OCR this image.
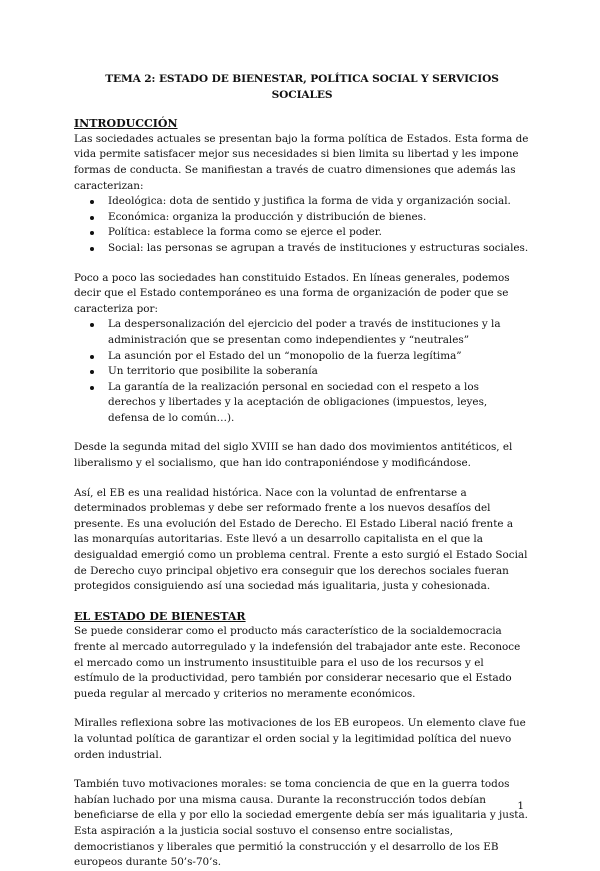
TEMA 2: ESTADO DE BIENESTAR, POLÍTICA SOCIAL Y SERVICIOS SOCIALES

INTRODUCCIÓN

Las sociedades actuales se presentan bajo la forma política de Estados. Esta forma de vida permite satisfacer mejor sus necesidades si bien limita su libertad y les impone formas de conducta. Se manifiestan a través de cuatro dimensiones que además las caracterizan:

Ideológica: dota de sentido y justifica la forma de vida y organización social.
Económica: organiza la producción y distribución de bienes.
Política: establece la forma como se ejerce el poder.
Social: las personas se agrupan a través de instituciones y estructuras sociales.

Poco a poco las sociedades han constituido Estados. En líneas generales, podemos decir que el Estado contemporáneo es una forma de organización de poder que se caracteriza por:

La despersonalización del ejercicio del poder a través de instituciones y la administración que se presentan como independientes y “neutrales”
La asunción por el Estado del un “monopolio de la fuerza legítima”
Un territorio que posibilite la soberanía
La garantía de la realización personal en sociedad con el respeto a los derechos y libertades y la aceptación de obligaciones (impuestos, leyes, defensa de lo común…).

Desde la segunda mitad del siglo XVIII se han dado dos movimientos antitéticos, el liberalismo y el socialismo, que han ido contraponiéndose y modificándose.

Así, el EB es una realidad histórica. Nace con la voluntad de enfrentarse a determinados problemas y debe ser reformado frente a los nuevos desafíos del presente. Es una evolución del Estado de Derecho. El Estado Liberal nació frente a las monarquías autoritarias. Este llevó a un desarrollo capitalista en el que la desigualdad emergió como un problema central. Frente a esto surgió el Estado Social de Derecho cuyo principal objetivo era conseguir que los derechos sociales fueran protegidos consiguiendo así una sociedad más igualitaria, justa y cohesionada.

EL ESTADO DE BIENESTAR

Se puede considerar como el producto más característico de la socialdemocracia frente al mercado autorregulado y la indefensión del trabajador ante este. Reconoce el mercado como un instrumento insustituible para el uso de los recursos y el estímulo de la productividad, pero también por considerar necesario que el Estado pueda regular al mercado y criterios no meramente económicos.

Miralles reflexiona sobre las motivaciones de los EB europeos. Un elemento clave fue la voluntad política de garantizar el orden social y la legitimidad política del nuevo orden industrial.

También tuvo motivaciones morales: se toma conciencia de que en la guerra todos habían luchado por una misma causa. Durante la reconstrucción todos debían beneficiarse de ella y por ello la sociedad emergente debía ser más igualitaria y justa. Esta aspiración a la justicia social sostuvo el consenso entre socialistas, democristianos y liberales que permitió la construcción y el desarrollo de los EB europeos durante 50’s-70’s.

1
